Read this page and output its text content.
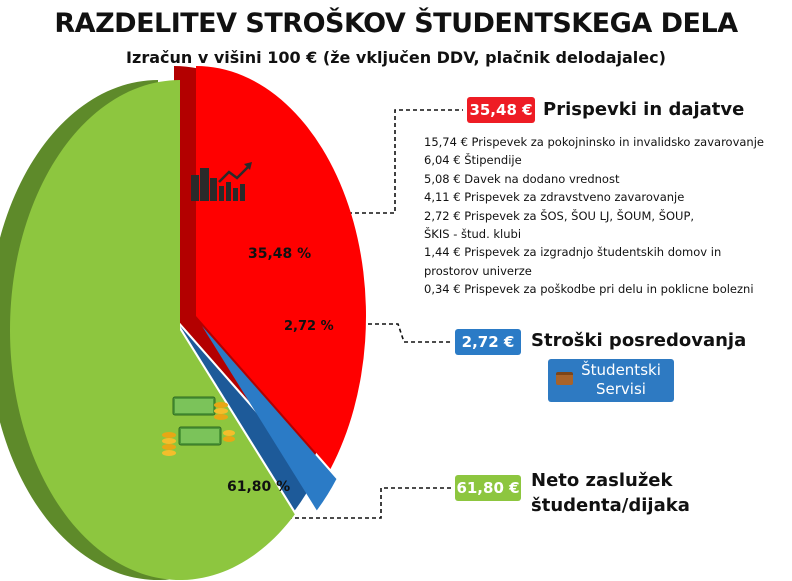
RAZDELITEV STROŠKOV ŠTUDENTSKEGA DELA
Izračun v višini 100 € (že vključen DDV, plačnik delodajalec)
35,48 %
2,72 %
61,80 %
35,48 € Prispevki in dajatve
15,74 € Prispevek za pokojninsko in invalidsko zavarovanje
6,04 € Štipendije
5,08 € Davek na dodano vrednost
4,11 € Prispevek za zdravstveno zavarovanje
2,72 € Prispevek za ŠOS, ŠOU LJ, ŠOUM, ŠOUP,
ŠKIS - štud. klubi
1,44 € Prispevek za izgradnjo študentskih domov in
prostorov univerze
0,34 € Prispevek za poškodbe pri delu in poklicne bolezni
2,72 € Stroški posredovanja
Študentski
Servisi
61,80 € Neto zaslužek
študenta/dijaka
